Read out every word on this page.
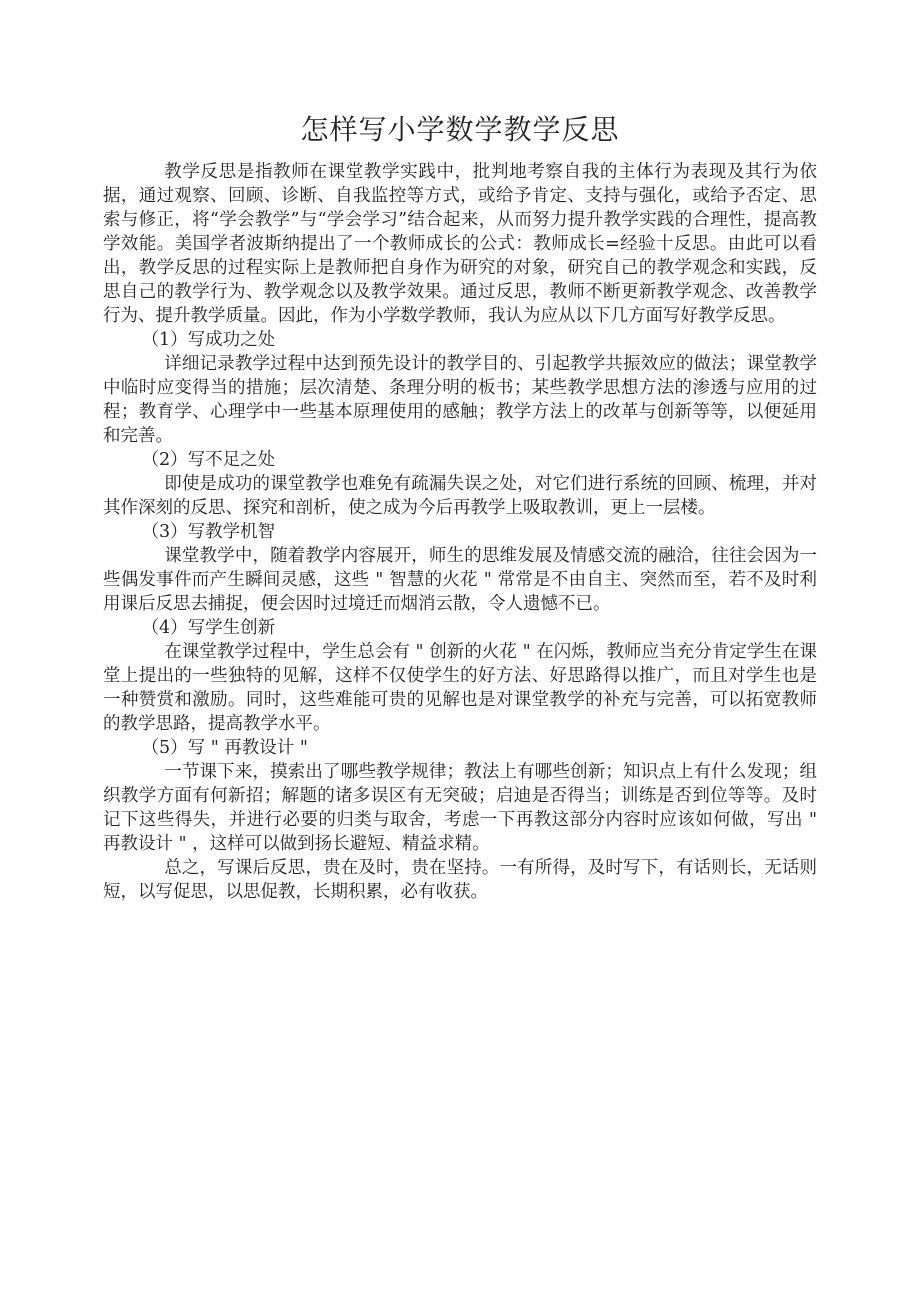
怎样写小学数学教学反思

教学反思是指教师在课堂教学实践中，批判地考察自我的主体行为表现及其行为依据，通过观察、回顾、诊断、自我监控等方式，或给予肯定、支持与强化，或给予否定、思索与修正，将“学会教学”与“学会学习”结合起来，从而努力提升教学实践的合理性，提高教学效能。美国学者波斯纳提出了一个教师成长的公式：教师成长=经验十反思。由此可以看出，教学反思的过程实际上是教师把自身作为研究的对象，研究自己的教学观念和实践，反思自己的教学行为、教学观念以及教学效果。通过反思，教师不断更新教学观念、改善教学行为、提升教学质量。因此，作为小学数学教师，我认为应从以下几方面写好教学反思。

（1）写成功之处

详细记录教学过程中达到预先设计的教学目的、引起教学共振效应的做法；课堂教学中临时应变得当的措施；层次清楚、条理分明的板书；某些教学思想方法的渗透与应用的过程；教育学、心理学中一些基本原理使用的感触；教学方法上的改革与创新等等，以便延用和完善。

（2）写不足之处

即使是成功的课堂教学也难免有疏漏失误之处，对它们进行系统的回顾、梳理，并对其作深刻的反思、探究和剖析，使之成为今后再教学上吸取教训，更上一层楼。

（3）写教学机智

课堂教学中，随着教学内容展开，师生的思维发展及情感交流的融洽，往往会因为一些偶发事件而产生瞬间灵感，这些 " 智慧的火花 " 常常是不由自主、突然而至，若不及时利用课后反思去捕捉，便会因时过境迁而烟消云散，令人遗憾不已。

（4）写学生创新

在课堂教学过程中，学生总会有 " 创新的火花 " 在闪烁，教师应当充分肯定学生在课堂上提出的一些独特的见解，这样不仅使学生的好方法、好思路得以推广，而且对学生也是一种赞赏和激励。同时，这些难能可贵的见解也是对课堂教学的补充与完善，可以拓宽教师的教学思路，提高教学水平。

（5）写 " 再教设计 "

一节课下来，摸索出了哪些教学规律；教法上有哪些创新；知识点上有什么发现；组织教学方面有何新招；解题的诸多误区有无突破；启迪是否得当；训练是否到位等等。及时记下这些得失，并进行必要的归类与取舍，考虑一下再教这部分内容时应该如何做，写出 " 再教设计 " ，这样可以做到扬长避短、精益求精。

总之，写课后反思，贵在及时，贵在坚持。一有所得，及时写下，有话则长，无话则短，以写促思，以思促教，长期积累，必有收获。
